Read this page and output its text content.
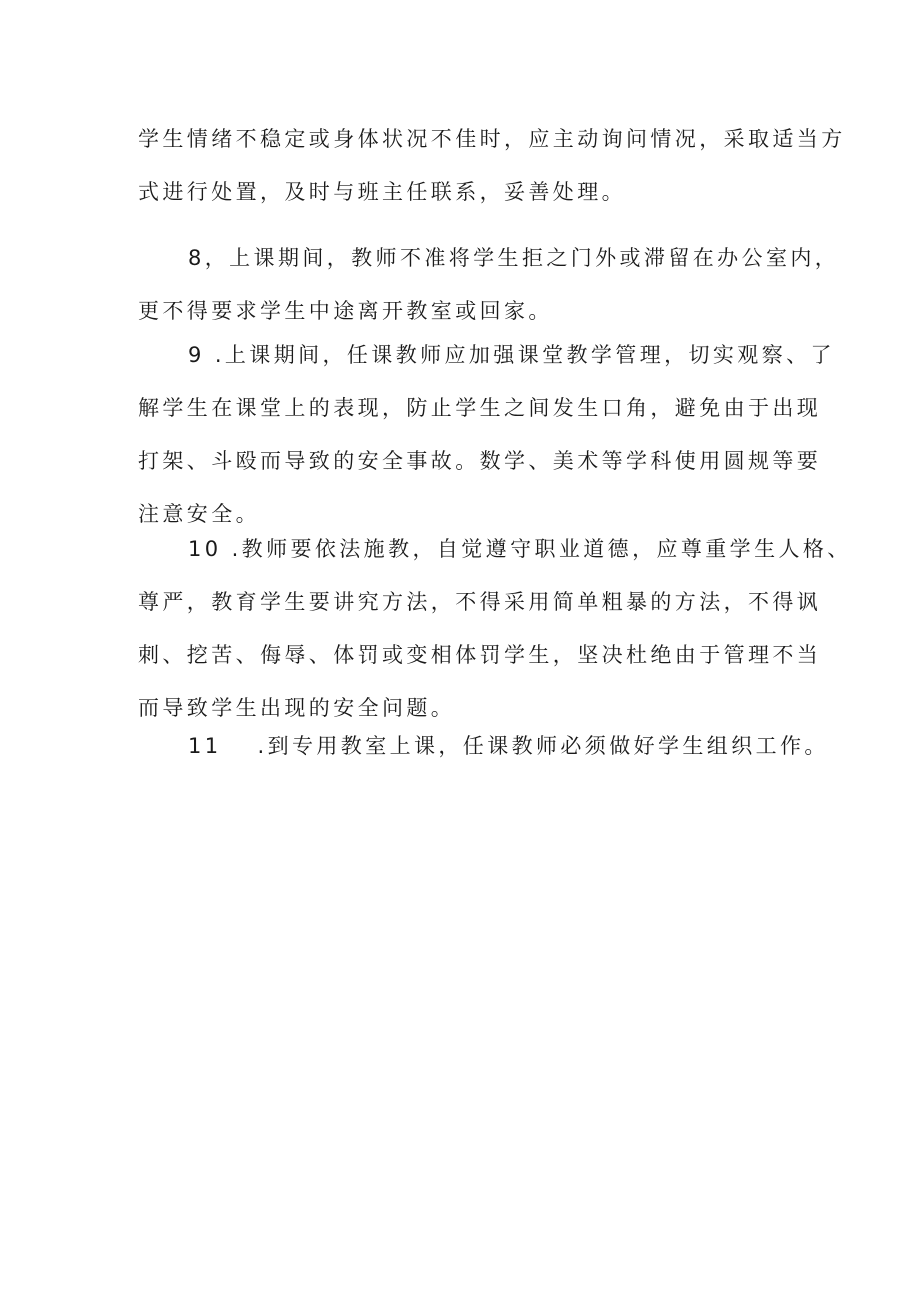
学生情绪不稳定或身体状况不佳时，应主动询问情况，采取适当方
式进行处置，及时与班主任联系，妥善处理。
8，上课期间，教师不准将学生拒之门外或滞留在办公室内，
更不得要求学生中途离开教室或回家。
9 .上课期间，任课教师应加强课堂教学管理，切实观察、了
解学生在课堂上的表现，防止学生之间发生口角，避免由于出现
打架、斗殴而导致的安全事故。数学、美术等学科使用圆规等要
注意安全。
10 .教师要依法施教，自觉遵守职业道德，应尊重学生人格、
尊严，教育学生要讲究方法，不得采用简单粗暴的方法，不得讽
刺、挖苦、侮辱、体罚或变相体罚学生，坚决杜绝由于管理不当
而导致学生出现的安全问题。
11 .到专用教室上课，任课教师必须做好学生组织工作。
